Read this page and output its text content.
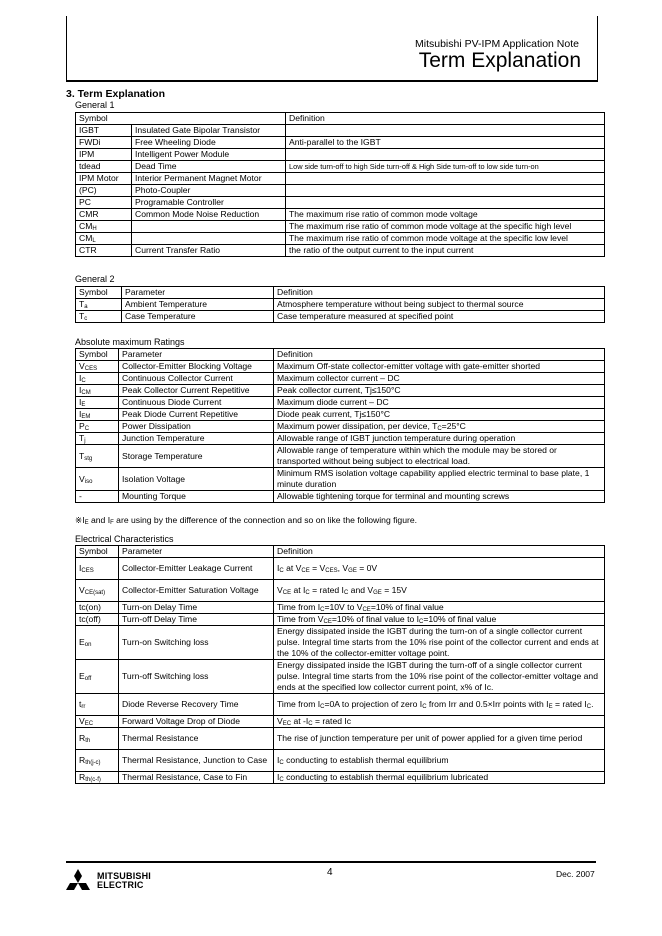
Mitsubishi PV-IPM Application Note
Term Explanation
3. Term Explanation
General 1
Symbol		Definition
IGBT	Insulated Gate Bipolar Transistor	
FWDi	Free Wheeling Diode	Anti-parallel to the IGBT
IPM	Intelligent Power Module	
tdead	Dead Time	Low side turn-off to high Side turn-off & High Side turn-off to low side turn-on
IPM Motor	Interior Permanent Magnet Motor	
(PC)	Photo-Coupler	
PC	Programable Controller	
CMR	Common Mode Noise Reduction	The maximum rise ratio of common mode voltage
$CM_H$		The maximum rise ratio of common mode voltage at the specific high level
$CM_L$		The maximum rise ratio of common mode voltage at the specific low level
CTR	Current Transfer Ratio	the ratio of the output current to the input current
General 2
Symbol	Parameter	Definition
$T_a$	Ambient Temperature	Atmosphere temperature without being subject to thermal source
$T_c$	Case Temperature	Case temperature measured at specified point
Absolute maximum Ratings
Symbol	Parameter	Definition
$V_{CES}$	Collector-Emitter Blocking Voltage	Maximum Off-state collector-emitter voltage with gate-emitter shorted
$I_C$	Continuous Collector Current	Maximum collector current – DC
$I_{CM}$	Peak Collector Current Repetitive	Peak collector current, Tj≤150°C
$I_E$	Continuous Diode Current	Maximum diode current – DC
$I_{EM}$	Peak Diode Current Repetitive	Diode peak current, Tj≤150°C
$P_C$	Power Dissipation	Maximum power dissipation, per device, $T_C=25^\circ C$
$T_j$	Junction Temperature	Allowable range of IGBT junction temperature during operation
$T_{stg}$	Storage Temperature	Allowable range of temperature within which the module may be stored or transported without being subject to electrical load.
$V_{iso}$	Isolation Voltage	Minimum RMS isolation voltage capability applied electric terminal to base plate, 1 minute duration
-	Mounting Torque	Allowable tightening torque for terminal and mounting screws
$※I_E$ and $I_F$ are using by the difference of the connection and so on like the following figure.
Electrical Characteristics
Symbol	Parameter	Definition
$I_{CES}$	Collector-Emitter Leakage Current	$I_C$ at $V_{CE} = V_{CES}$, $V_{GE} = 0V$
$V_{CE(sat)}$	Collector-Emitter Saturation Voltage	$V_{CE}$ at $I_C$ = rated $I_C$ and $V_{GE} = 15V$
tc(on)	Turn-on Delay Time	Time from $I_C=10V$ to $V_{CE}=10\%$ of final value
tc(off)	Turn-off Delay Time	Time from $V_{CE}=10\%$ of final value to $I_C=10\%$ of final value
$E_{on}$	Turn-on Switching loss	Energy dissipated inside the IGBT during the turn-on of a single collector current pulse. Integral time starts from the 10% rise point of the collector current and ends at the 10% of the collector-emitter voltage point.
$E_{off}$	Turn-off Switching loss	Energy dissipated inside the IGBT during the turn-off of a single collector current pulse. Integral time starts from the 10% rise point of the collector-emitter voltage and ends at the specified low collector current point, x% of Ic.
$t_{rr}$	Diode Reverse Recovery Time	Time from $I_C=0A$ to projection of zero $I_C$ from Irr and 0.5×Irr points with $I_E$ = rated $I_C$.
$V_{EC}$	Forward Voltage Drop of Diode	$V_{EC}$ at $-I_C$ = rated Ic
$R_{th}$	Thermal Resistance	The rise of junction temperature per unit of power applied for a given time period
$R_{th(j-c)}$	Thermal Resistance, Junction to Case	$I_C$ conducting to establish thermal equilibrium
$R_{th(c-f)}$	Thermal Resistance, Case to Fin	$I_C$ conducting to establish thermal equilibrium lubricated
MITSUBISHI
ELECTRIC
4	Dec. 2007
